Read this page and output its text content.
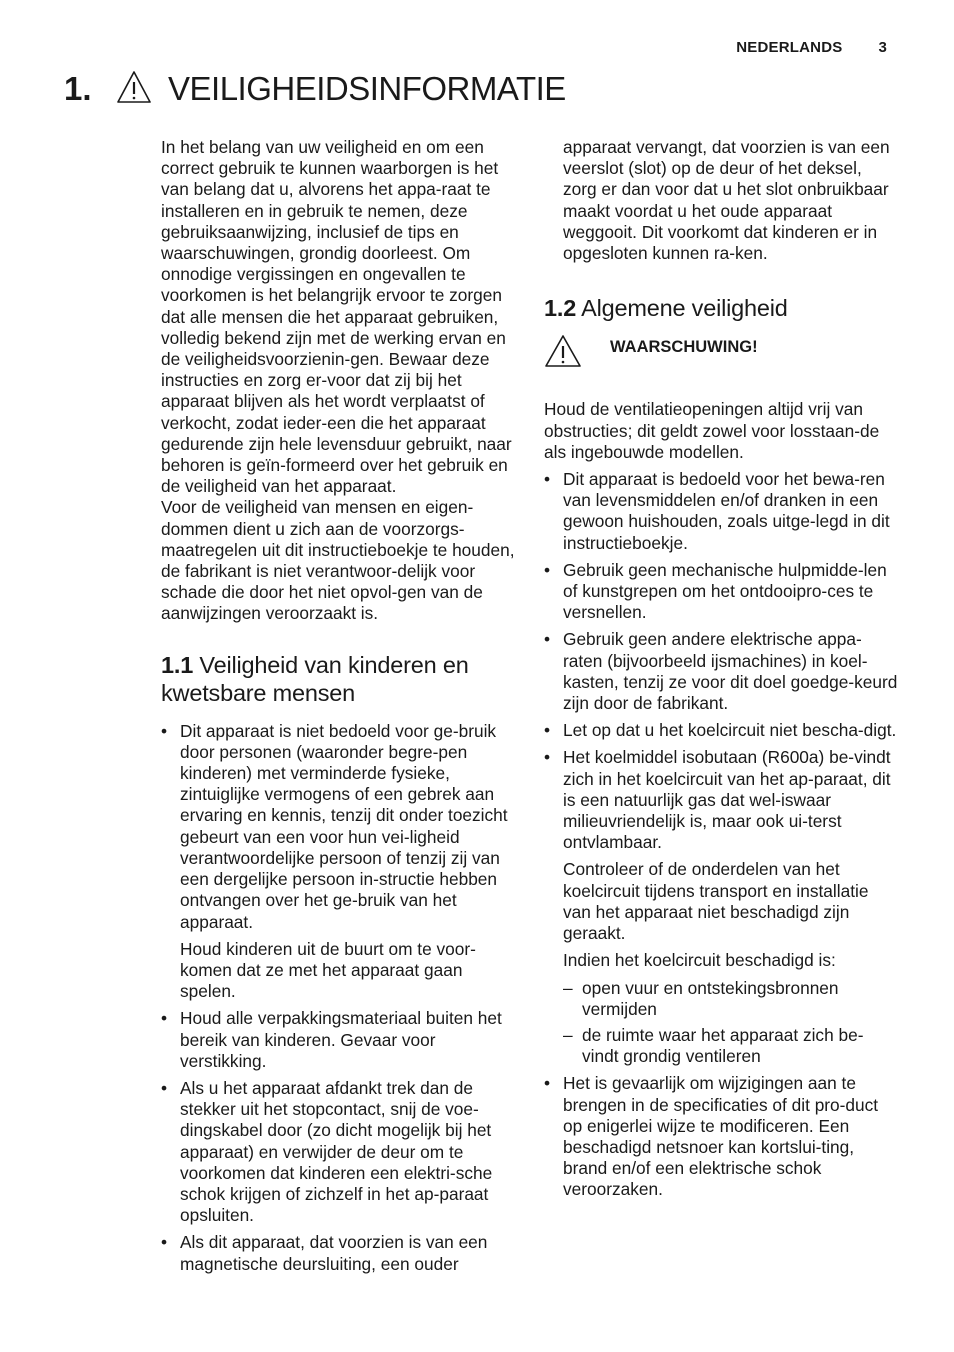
NEDERLANDS 3
1.	VEILIGHEIDSINFORMATIE

In het belang van uw veiligheid en om een correct gebruik te kunnen waarborgen is het van belang dat u, alvorens het appa-raat te installeren en in gebruik te nemen, deze gebruiksaanwijzing, inclusief de tips en waarschuwingen, grondig doorleest. Om onnodige vergissingen en ongevallen te voorkomen is het belangrijk ervoor te zorgen dat alle mensen die het apparaat gebruiken, volledig bekend zijn met de werking ervan en de veiligheidsvoorzienin-gen. Bewaar deze instructies en zorg er-voor dat zij bij het apparaat blijven als het wordt verplaatst of verkocht, zodat ieder-een die het apparaat gedurende zijn hele levensduur gebruikt, naar behoren is geïn-formeerd over het gebruik en de veiligheid van het apparaat.

Voor de veiligheid van mensen en eigen-dommen dient u zich aan de voorzorgs-maatregelen uit dit instructieboekje te houden, de fabrikant is niet verantwoor-delijk voor schade die door het niet opvol-gen van de aanwijzingen veroorzaakt is.

1.1 Veiligheid van kinderen en kwetsbare mensen

• Dit apparaat is niet bedoeld voor ge-bruik door personen (waaronder begre-pen kinderen) met verminderde fysieke, zintuiglijke vermogens of een gebrek aan ervaring en kennis, tenzij dit onder toezicht gebeurt van een voor hun vei-ligheid verantwoordelijke persoon of tenzij zij van een dergelijke persoon in-structie hebben ontvangen over het ge-bruik van het apparaat.

Houd kinderen uit de buurt om te voor-komen dat ze met het apparaat gaan spelen.

• Houd alle verpakkingsmateriaal buiten het bereik van kinderen. Gevaar voor verstikking.

• Als u het apparaat afdankt trek dan de stekker uit het stopcontact, snij de voe-dingskabel door (zo dicht mogelijk bij het apparaat) en verwijder de deur om te voorkomen dat kinderen een elektri-sche schok krijgen of zichzelf in het ap-paraat opsluiten.

• Als dit apparaat, dat voorzien is van een magnetische deursluiting, een ouder

apparaat vervangt, dat voorzien is van een veerslot (slot) op de deur of het deksel, zorg er dan voor dat u het slot onbruikbaar maakt voordat u het oude apparaat weggooit. Dit voorkomt dat kinderen er in opgesloten kunnen ra-ken.

1.2 Algemene veiligheid
WAARSCHUWING!

Houd de ventilatieopeningen altijd vrij van obstructies; dit geldt zowel voor losstaan-de als ingebouwde modellen.

• Dit apparaat is bedoeld voor het bewa-ren van levensmiddelen en/of dranken in een gewoon huishouden, zoals uitge-legd in dit instructieboekje.

• Gebruik geen mechanische hulpmidde-len of kunstgrepen om het ontdooipro-ces te versnellen.

• Gebruik geen andere elektrische appa-raten (bijvoorbeeld ijsmachines) in koel-kasten, tenzij ze voor dit doel goedge-keurd zijn door de fabrikant.

• Let op dat u het koelcircuit niet bescha-digt.

• Het koelmiddel isobutaan (R600a) be-vindt zich in het koelcircuit van het ap-paraat, dit is een natuurlijk gas dat wel-iswaar milieuvriendelijk is, maar ook ui-terst ontvlambaar.

Controleer of de onderdelen van het koelcircuit tijdens transport en installatie van het apparaat niet beschadigd zijn geraakt.

Indien het koelcircuit beschadigd is:

– open vuur en ontstekingsbronnen vermijden
– de ruimte waar het apparaat zich be-vindt grondig ventileren

• Het is gevaarlijk om wijzigingen aan te brengen in de specificaties of dit pro-duct op enigerlei wijze te modificeren. Een beschadigd netsnoer kan kortslui-ting, brand en/of een elektrische schok veroorzaken.
